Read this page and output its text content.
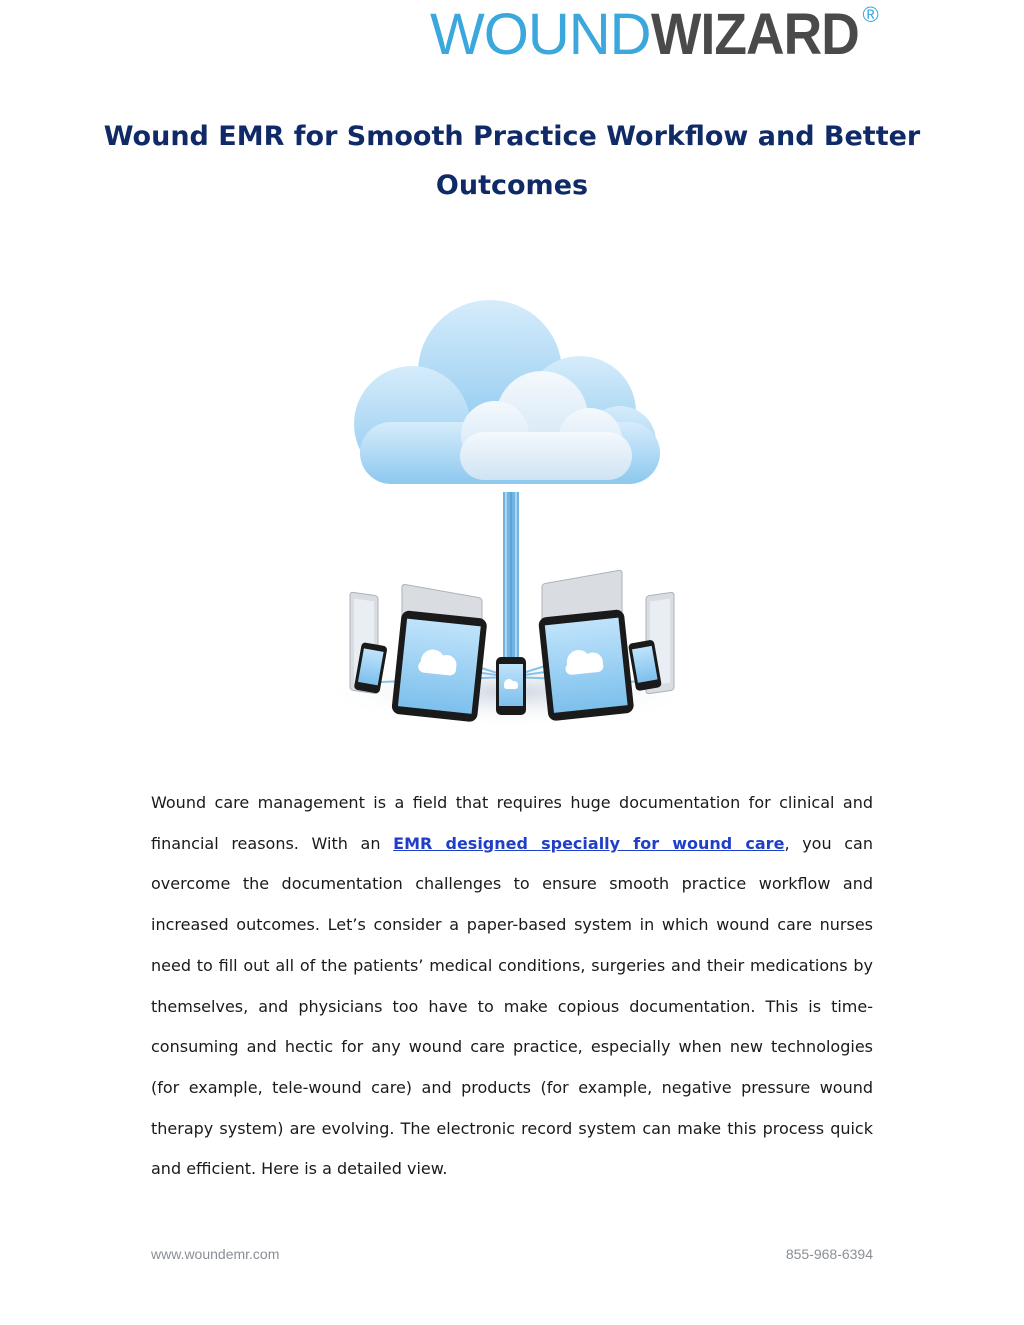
WOUND WIZARD ®
Wound EMR for Smooth Practice Workflow and Better Outcomes

Wound care management is a field that requires huge documentation for clinical and financial reasons. With an EMR designed specially for wound care, you can overcome the documentation challenges to ensure smooth practice workflow and increased outcomes. Let’s consider a paper-based system in which wound care nurses need to fill out all of the patients’ medical conditions, surgeries and their medications by themselves, and physicians too have to make copious documentation. This is time-consuming and hectic for any wound care practice, especially when new technologies (for example, tele-wound care) and products (for example, negative pressure wound therapy system) are evolving. The electronic record system can make this process quick and efficient. Here is a detailed view.

www.woundemr.com	855-968-6394
